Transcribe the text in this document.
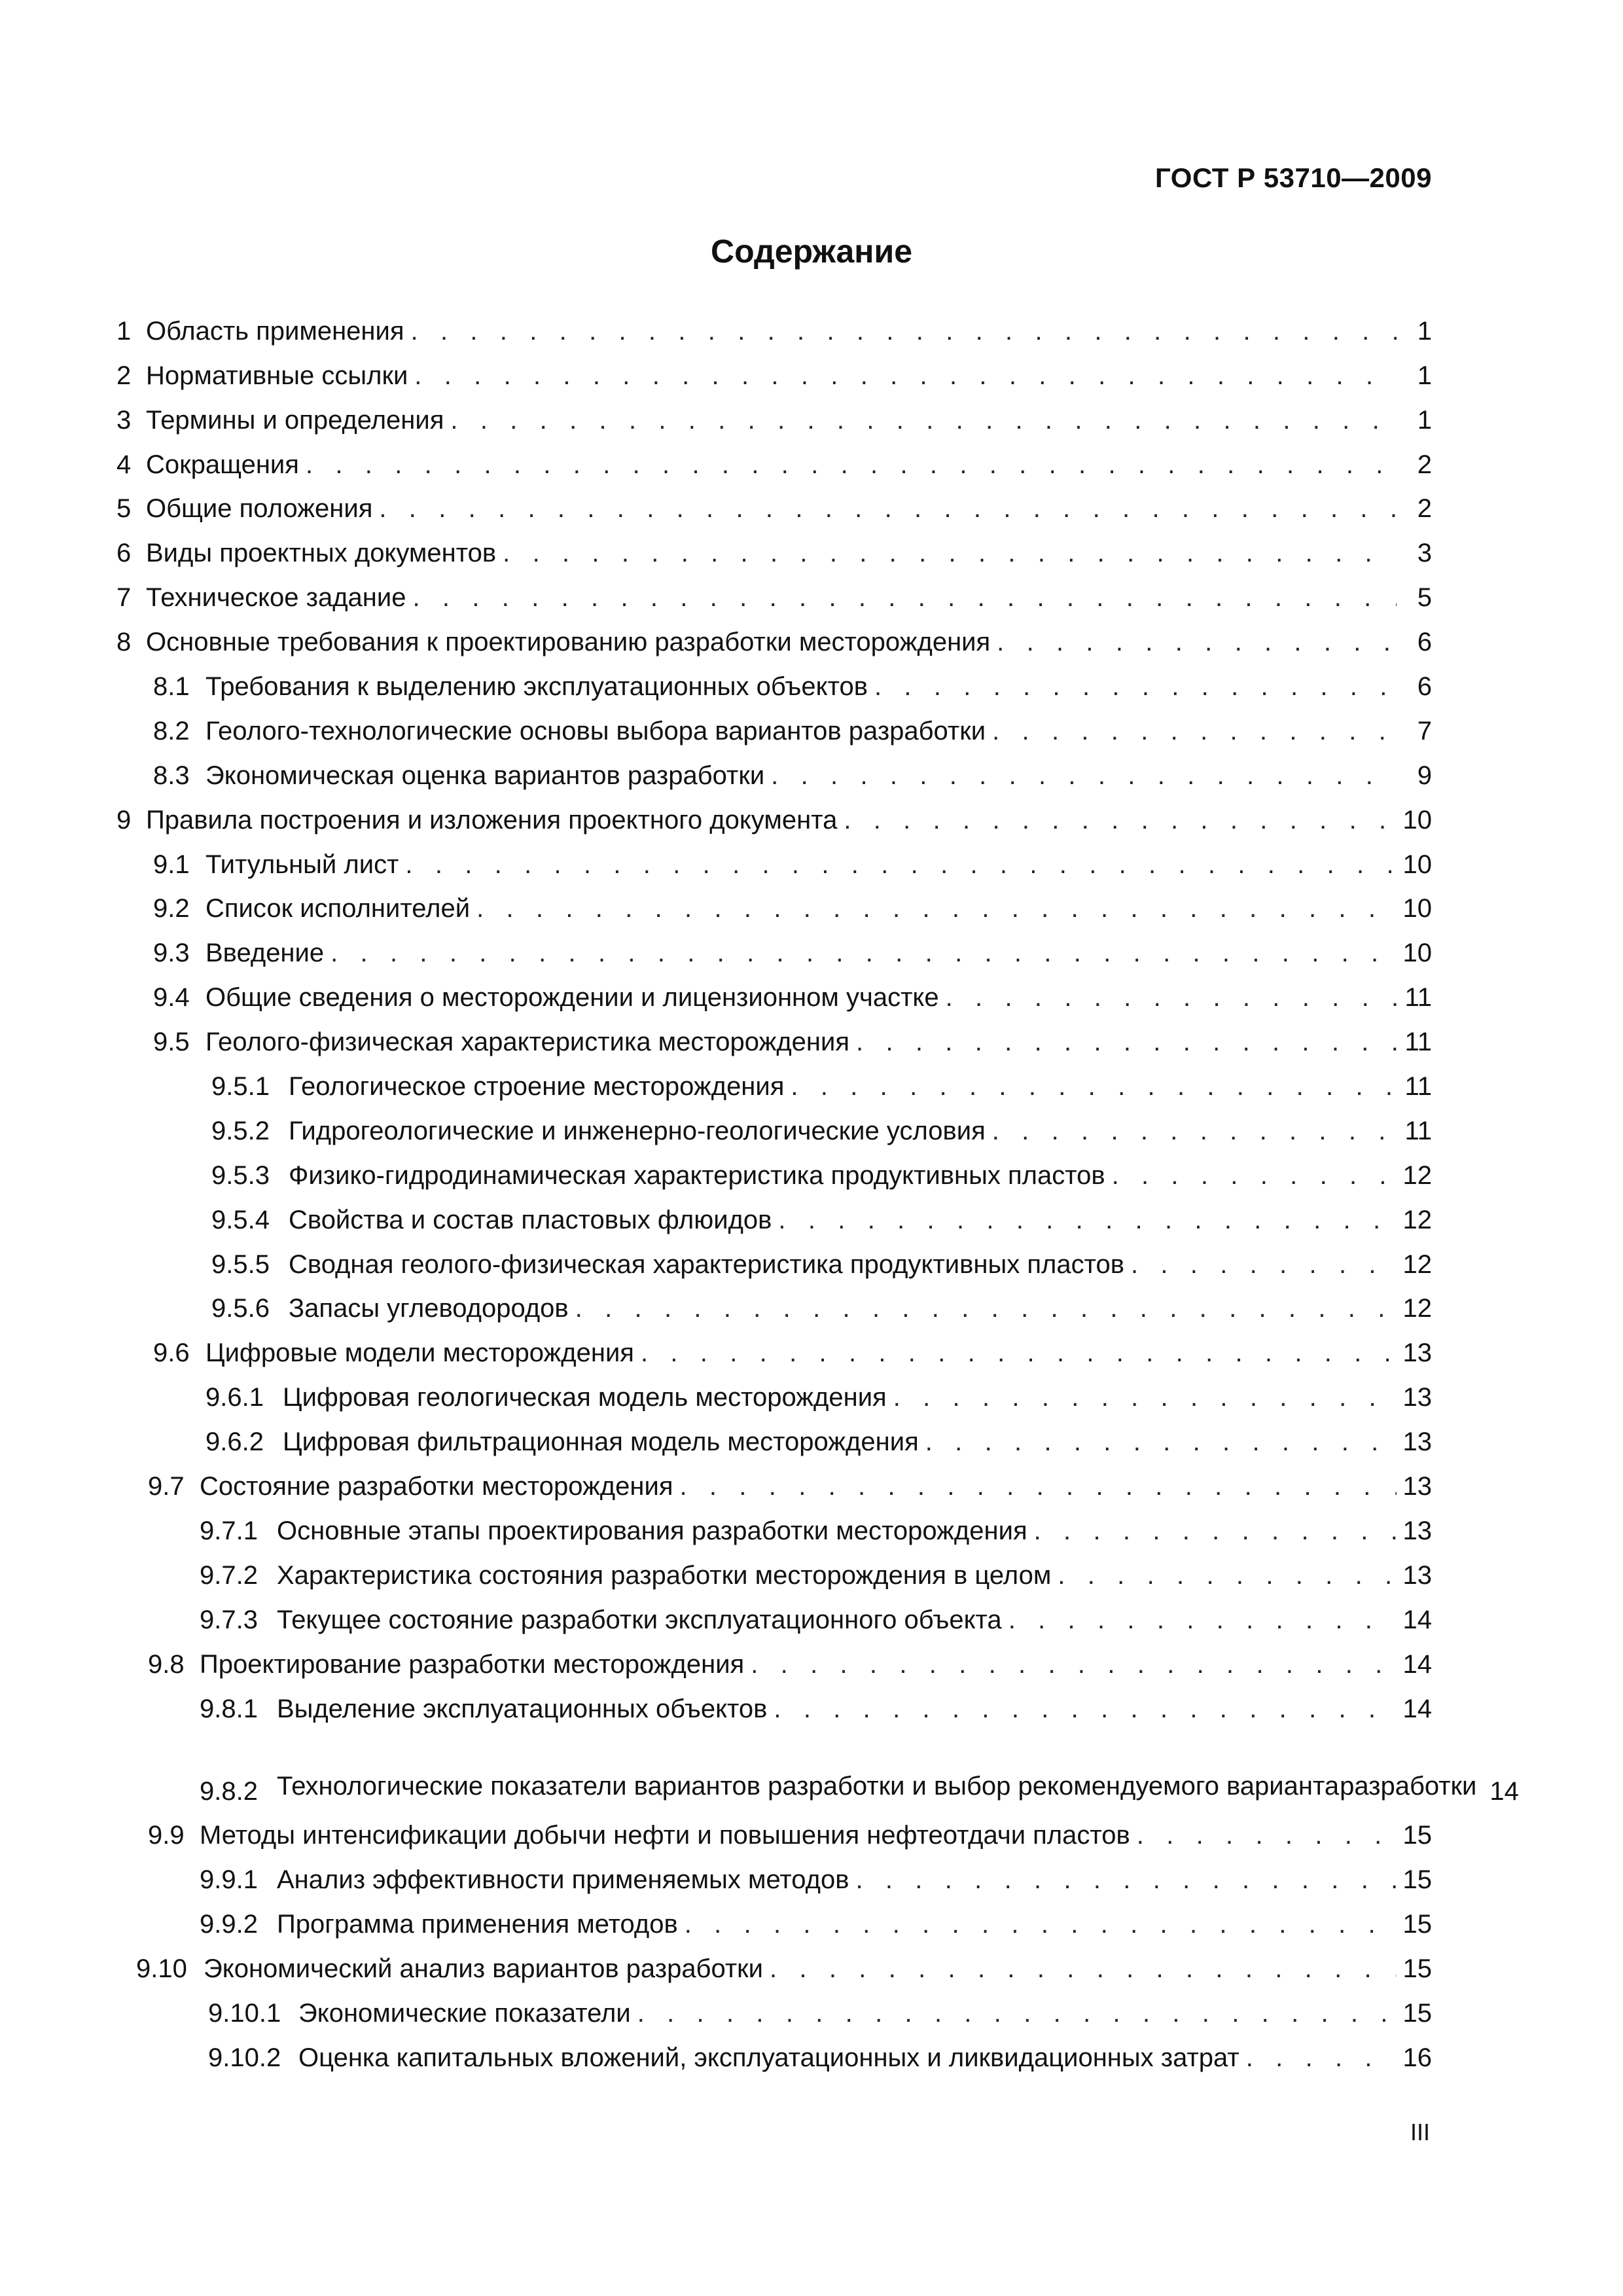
ГОСТ Р 53710—2009
Содержание
1 Область применения . . .	1
2 Нормативные ссылки . . .	1
3 Термины и определения . . .	1
4 Сокращения . . .	2
5 Общие положения . . .	2
6 Виды проектных документов . . .	3
7 Техническое задание . . .	5
8 Основные требования к проектированию разработки месторождения . . .	6
8.1 Требования к выделению эксплуатационных объектов . . .	6
8.2 Геолого-технологические основы выбора вариантов разработки . . .	7
8.3 Экономическая оценка вариантов разработки . . .	9
9 Правила построения и изложения проектного документа . . .	10
9.1 Титульный лист . . .	10
9.2 Список исполнителей . . .	10
9.3 Введение . . .	10
9.4 Общие сведения о месторождении и лицензионном участке . . .	11
9.5 Геолого-физическая характеристика месторождения . . .	11
9.5.1 Геологическое строение месторождения . . .	11
9.5.2 Гидрогеологические и инженерно-геологические условия . . .	11
9.5.3 Физико-гидродинамическая характеристика продуктивных пластов . . .	12
9.5.4 Свойства и состав пластовых флюидов . . .	12
9.5.5 Сводная геолого-физическая характеристика продуктивных пластов . . .	12
9.5.6 Запасы углеводородов . . .	12
9.6 Цифровые модели месторождения . . .	13
9.6.1 Цифровая геологическая модель месторождения . . .	13
9.6.2 Цифровая фильтрационная модель месторождения . . .	13
9.7 Состояние разработки месторождения . . .	13
9.7.1 Основные этапы проектирования разработки месторождения . . .	13
9.7.2 Характеристика состояния разработки месторождения в целом . . .	13
9.7.3 Текущее состояние разработки эксплуатационного объекта . . .	14
9.8 Проектирование разработки месторождения . . .	14
9.8.1 Выделение эксплуатационных объектов . . .	14
9.8.2 Технологические показатели вариантов разработки и выбор рекомендуемого вариантаразработки 14
9.9 Методы интенсификации добычи нефти и повышения нефтеотдачи пластов . . .	15
9.9.1 Анализ эффективности применяемых методов . . .	15
9.9.2 Программа применения методов . . .	15
9.10 Экономический анализ вариантов разработки . . .	15
9.10.1 Экономические показатели . . .	15
9.10.2 Оценка капитальных вложений, эксплуатационных и ликвидационных затрат . . .	16
III
